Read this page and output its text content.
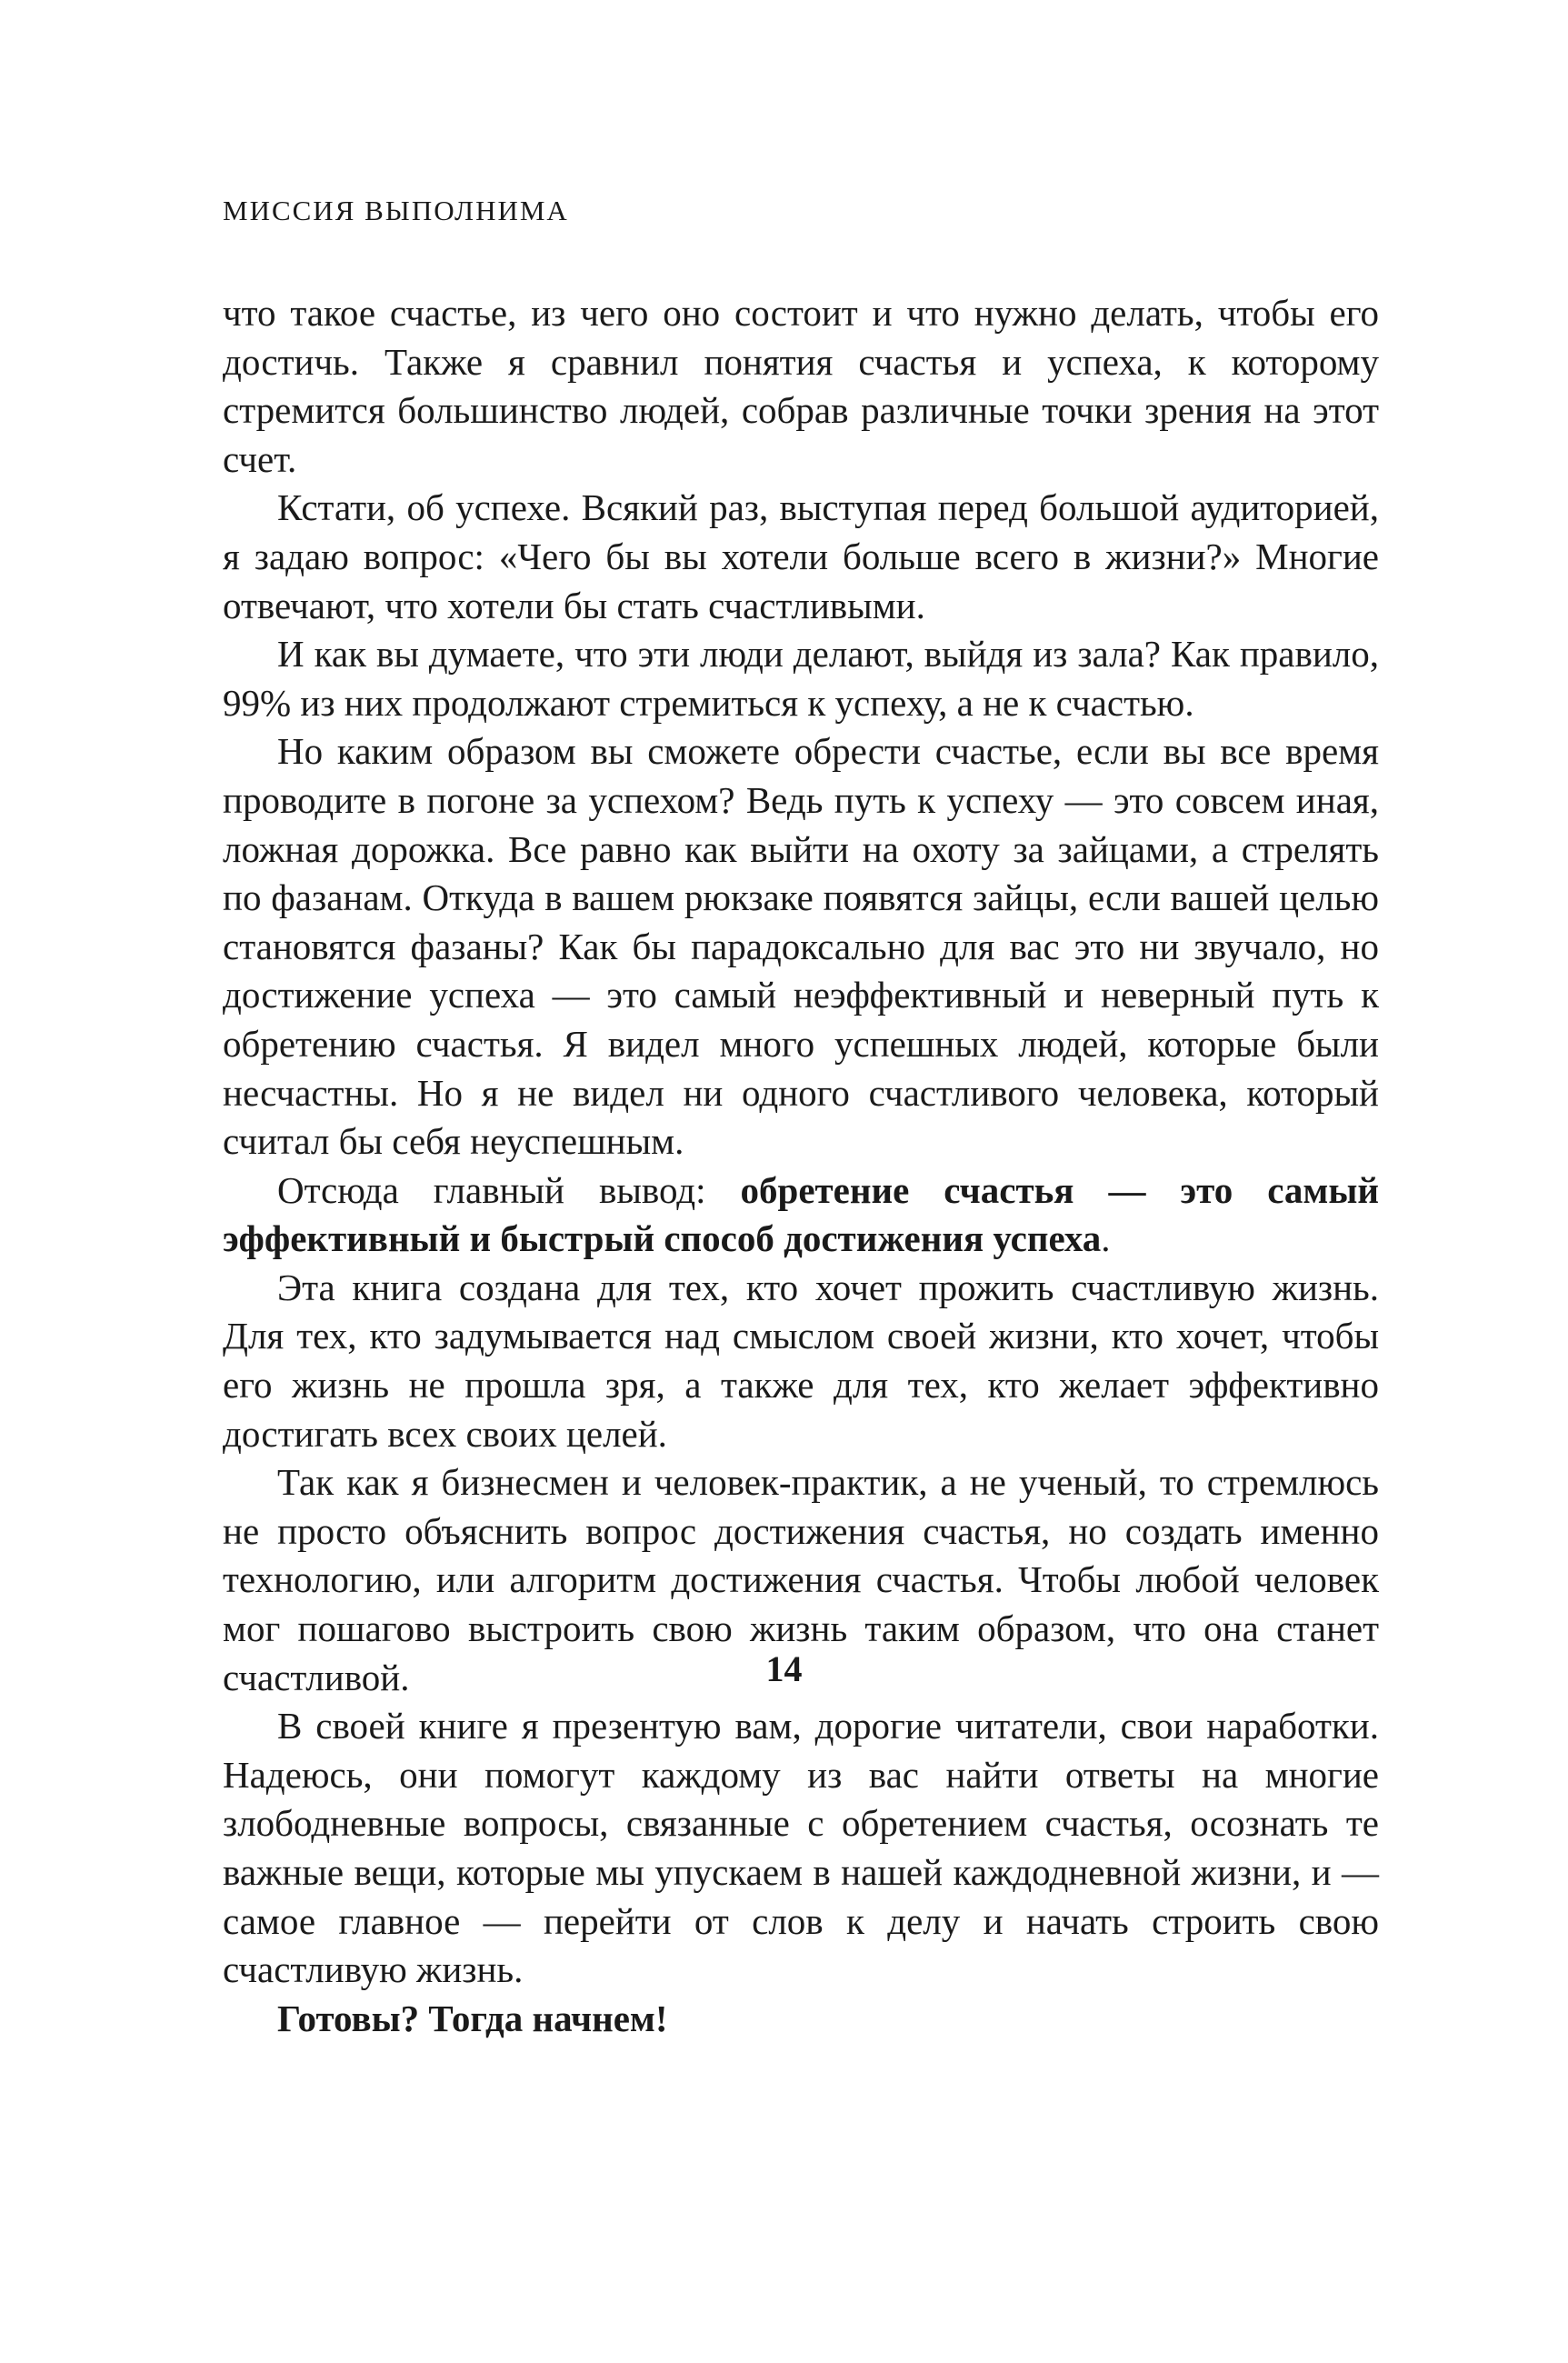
МИССИЯ ВЫПОЛНИМА

что такое счастье, из чего оно состоит и что нужно делать, чтобы его достичь. Также я сравнил понятия счастья и успеха, к которому стремится большинство людей, собрав различные точки зрения на этот счет.

Кстати, об успехе. Всякий раз, выступая перед большой аудиторией, я задаю вопрос: «Чего бы вы хотели больше всего в жизни?» Многие отвечают, что хотели бы стать счастливыми.

И как вы думаете, что эти люди делают, выйдя из зала? Как правило, 99% из них продолжают стремиться к успеху, а не к счастью.

Но каким образом вы сможете обрести счастье, если вы все время проводите в погоне за успехом? Ведь путь к успеху — это совсем иная, ложная дорожка. Все равно как выйти на охоту за зайцами, а стрелять по фазанам. Откуда в вашем рюкзаке появятся зайцы, если вашей целью становятся фазаны? Как бы парадоксально для вас это ни звучало, но достижение успеха — это самый неэффективный и неверный путь к обретению счастья. Я видел много успешных людей, которые были несчастны. Но я не видел ни одного счастливого человека, который считал бы себя неуспешным.

Отсюда главный вывод: обретение счастья — это самый эффективный и быстрый способ достижения успеха.

Эта книга создана для тех, кто хочет прожить счастливую жизнь. Для тех, кто задумывается над смыслом своей жизни, кто хочет, чтобы его жизнь не прошла зря, а также для тех, кто желает эффективно достигать всех своих целей.

Так как я бизнесмен и человек-практик, а не ученый, то стремлюсь не просто объяснить вопрос достижения счастья, но создать именно технологию, или алгоритм достижения счастья. Чтобы любой человек мог пошагово выстроить свою жизнь таким образом, что она станет счастливой.

В своей книге я презентую вам, дорогие читатели, свои наработки. Надеюсь, они помогут каждому из вас найти ответы на многие злободневные вопросы, связанные с обретением счастья, осознать те важные вещи, которые мы упускаем в нашей каждодневной жизни, и — самое главное — перейти от слов к делу и начать строить свою счастливую жизнь.

Готовы? Тогда начнем!

14
